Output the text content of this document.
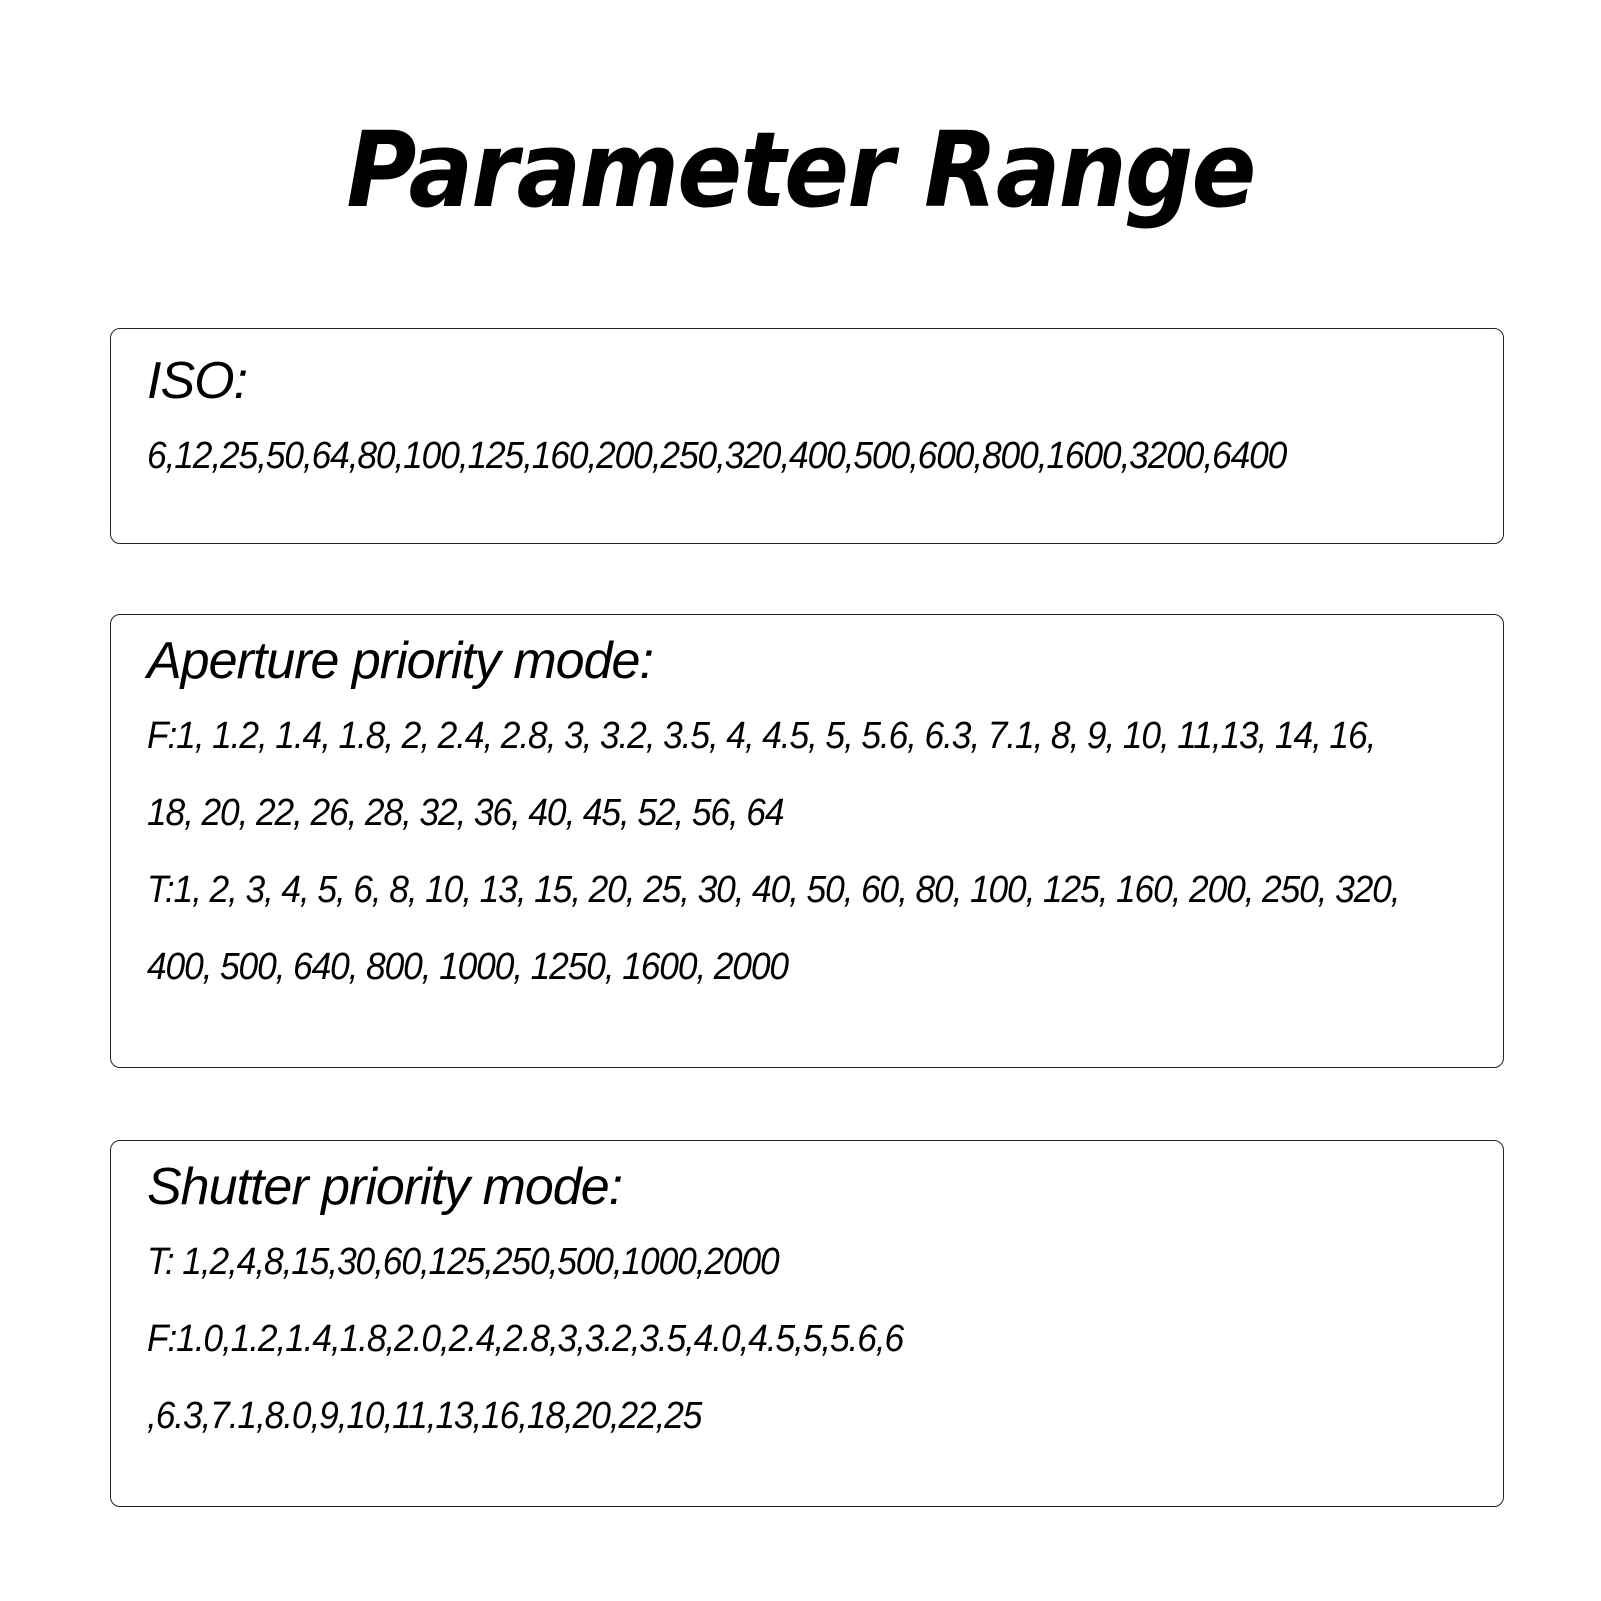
Parameter Range
ISO:
6,12,25,50,64,80,100,125,160,200,250,320,400,500,600,800,1600,3200,6400
Aperture priority mode:
F:1, 1.2, 1.4, 1.8, 2, 2.4, 2.8, 3, 3.2, 3.5, 4, 4.5, 5, 5.6, 6.3, 7.1, 8, 9, 10, 11,13, 14, 16,
18, 20, 22, 26, 28, 32, 36, 40, 45, 52, 56, 64
T:1, 2, 3, 4, 5, 6, 8, 10, 13, 15, 20, 25, 30, 40, 50, 60, 80, 100, 125, 160, 200, 250, 320,
400, 500, 640, 800, 1000, 1250, 1600, 2000
Shutter priority mode:
T: 1,2,4,8,15,30,60,125,250,500,1000,2000
F:1.0,1.2,1.4,1.8,2.0,2.4,2.8,3,3.2,3.5,4.0,4.5,5,5.6,6
,6.3,7.1,8.0,9,10,11,13,16,18,20,22,25
